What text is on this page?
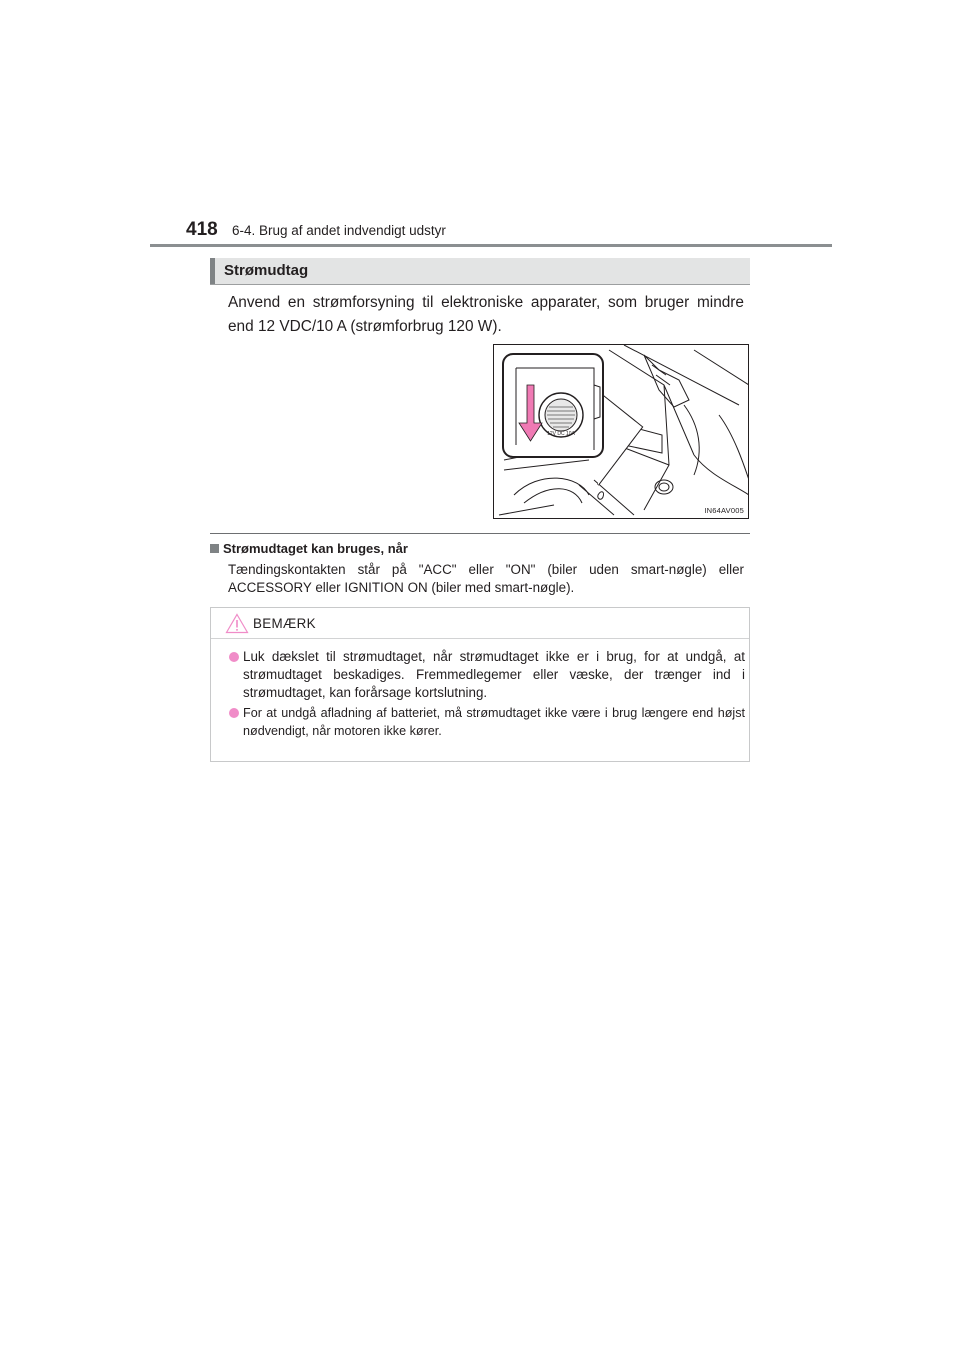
418 6-4. Brug af andet indvendigt udstyr
Strømudtag
Anvend en strømforsyning til elektroniske apparater, som bruger mindre end 12 VDC/10 A (strømforbrug 120 W).
12V DC 10A
IN64AV005
Strømudtaget kan bruges, når
Tændingskontakten står på "ACC" eller "ON" (biler uden smart-nøgle) eller ACCESSORY eller IGNITION ON (biler med smart-nøgle).
BEMÆRK
Luk dækslet til strømudtaget, når strømudtaget ikke er i brug, for at undgå, at strømudtaget beskadiges. Fremmedlegemer eller væske, der trænger ind i strømudtaget, kan forårsage kortslutning.
For at undgå afladning af batteriet, må strømudtaget ikke være i brug længere end højst nødvendigt, når motoren ikke kører.
